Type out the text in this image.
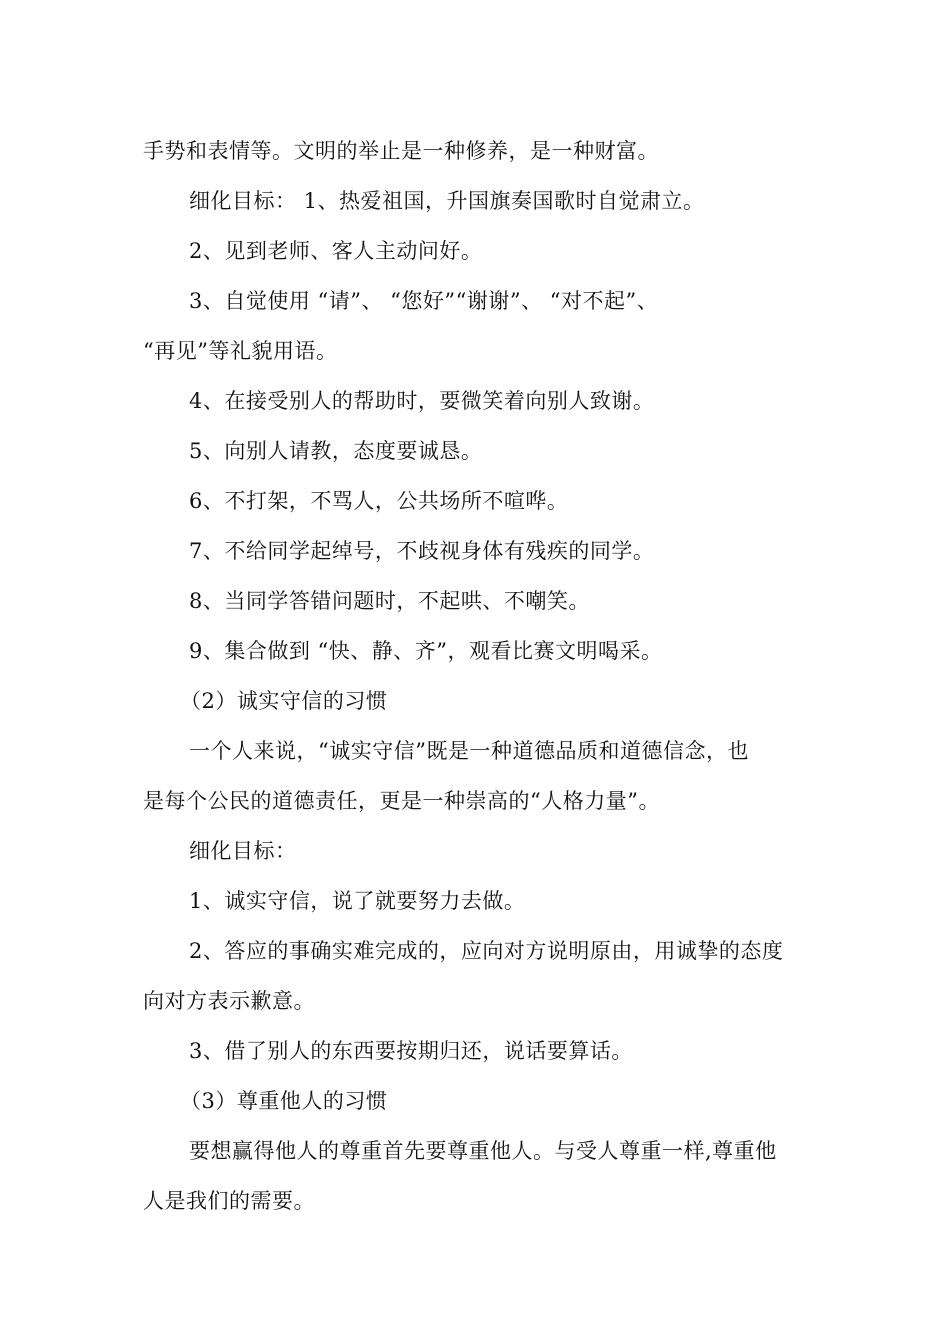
手势和表情等。文明的举止是一种修养，是一种财富。
细化目标： 1、热爱祖国，升国旗奏国歌时自觉肃立。
2、见到老师、客人主动问好。
3、自觉使用 “请”、 “您好”“谢谢”、 “对不起”、
“再见”等礼貌用语。
4、在接受别人的帮助时，要微笑着向别人致谢。
5、向别人请教，态度要诚恳。
6、不打架，不骂人，公共场所不喧哗。
7、不给同学起绰号，不歧视身体有残疾的同学。
8、当同学答错问题时，不起哄、不嘲笑。
9、集合做到 “快、静、齐”，观看比赛文明喝采。
（2）诚实守信的习惯
一个人来说，“诚实守信”既是一种道德品质和道德信念，也
是每个公民的道德责任，更是一种崇高的“人格力量”。
细化目标：
1、诚实守信，说了就要努力去做。
2、答应的事确实难完成的，应向对方说明原由，用诚挚的态度
向对方表示歉意。
3、借了别人的东西要按期归还，说话要算话。
（3）尊重他人的习惯
要想赢得他人的尊重首先要尊重他人。与受人尊重一样,尊重他
人是我们的需要。
